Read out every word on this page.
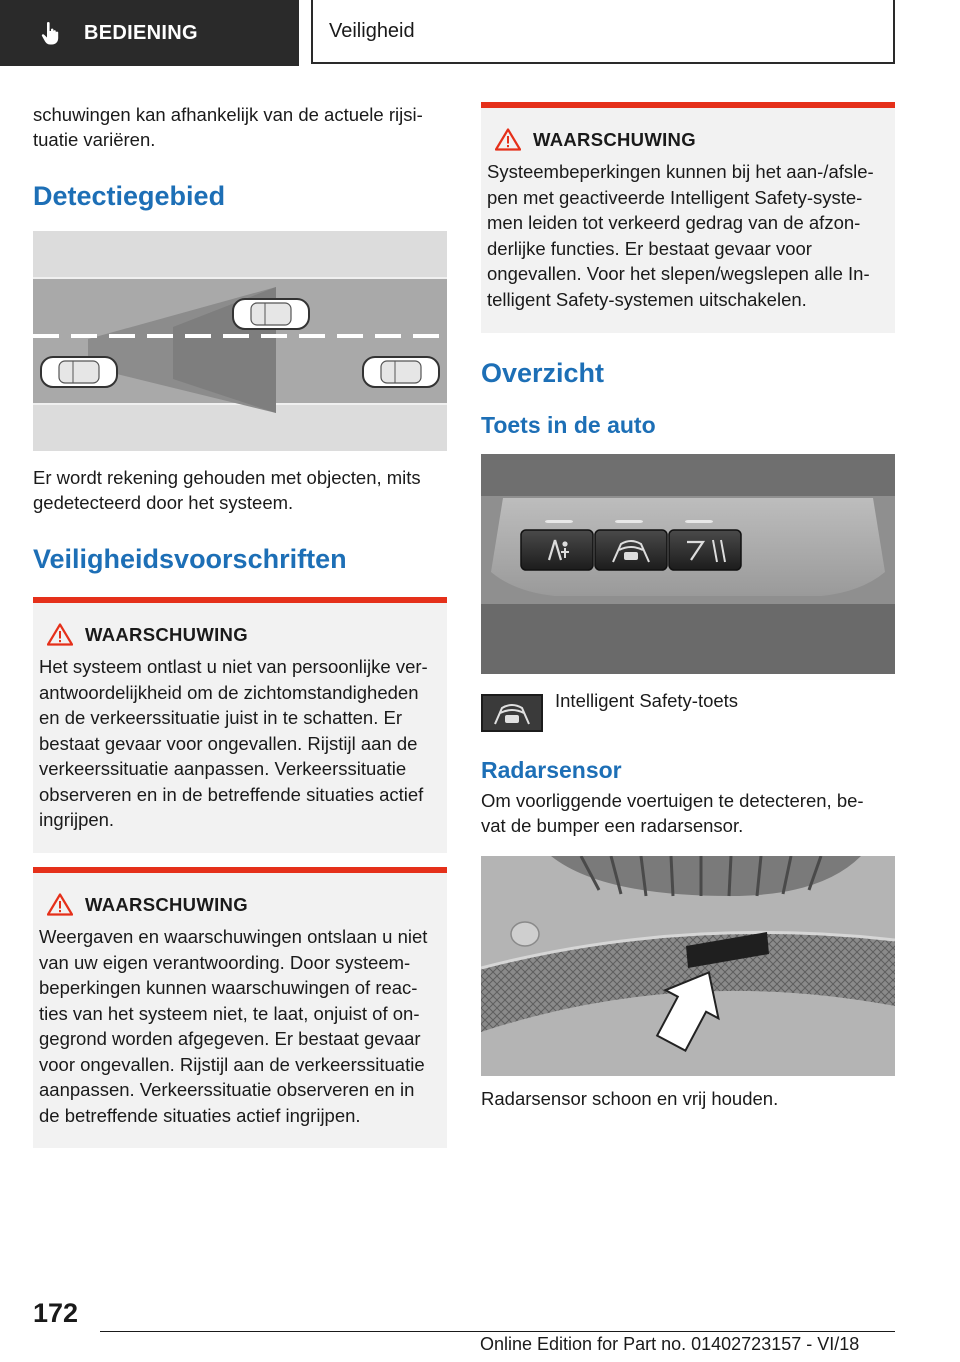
BEDIENING	Veiligheid

schuwingen kan afhankelijk van de actuele rijsi-
tuatie variëren.

Detectiegebied

Er wordt rekening gehouden met objecten, mits
gedetecteerd door het systeem.

Veiligheidsvoorschriften
WAARSCHUWING

Het systeem ontlast u niet van persoonlijke ver-
antwoordelijkheid om de zichtomstandigheden
en de verkeerssituatie juist in te schatten. Er
bestaat gevaar voor ongevallen. Rijstijl aan de
verkeerssituatie aanpassen. Verkeerssituatie
observeren en in de betreffende situaties actief
ingrijpen.

WAARSCHUWING

Weergaven en waarschuwingen ontslaan u niet
van uw eigen verantwoording. Door systeem-
beperkingen kunnen waarschuwingen of reac-
ties van het systeem niet, te laat, onjuist of on-
gegrond worden afgegeven. Er bestaat gevaar
voor ongevallen. Rijstijl aan de verkeerssituatie
aanpassen. Verkeerssituatie observeren en in
de betreffende situaties actief ingrijpen.

WAARSCHUWING

Systeembeperkingen kunnen bij het aan-/afsle-
pen met geactiveerde Intelligent Safety-syste-
men leiden tot verkeerd gedrag van de afzon-
derlijke functies. Er bestaat gevaar voor
ongevallen. Voor het slepen/wegslepen alle In-
telligent Safety-systemen uitschakelen.

Overzicht
Toets in de auto

Intelligent Safety-toets

Radarsensor

Om voorliggende voertuigen te detecteren, be-
vat de bumper een radarsensor.

Radarsensor schoon en vrij houden.

172
Online Edition for Part no. 01402723157 - VI/18
